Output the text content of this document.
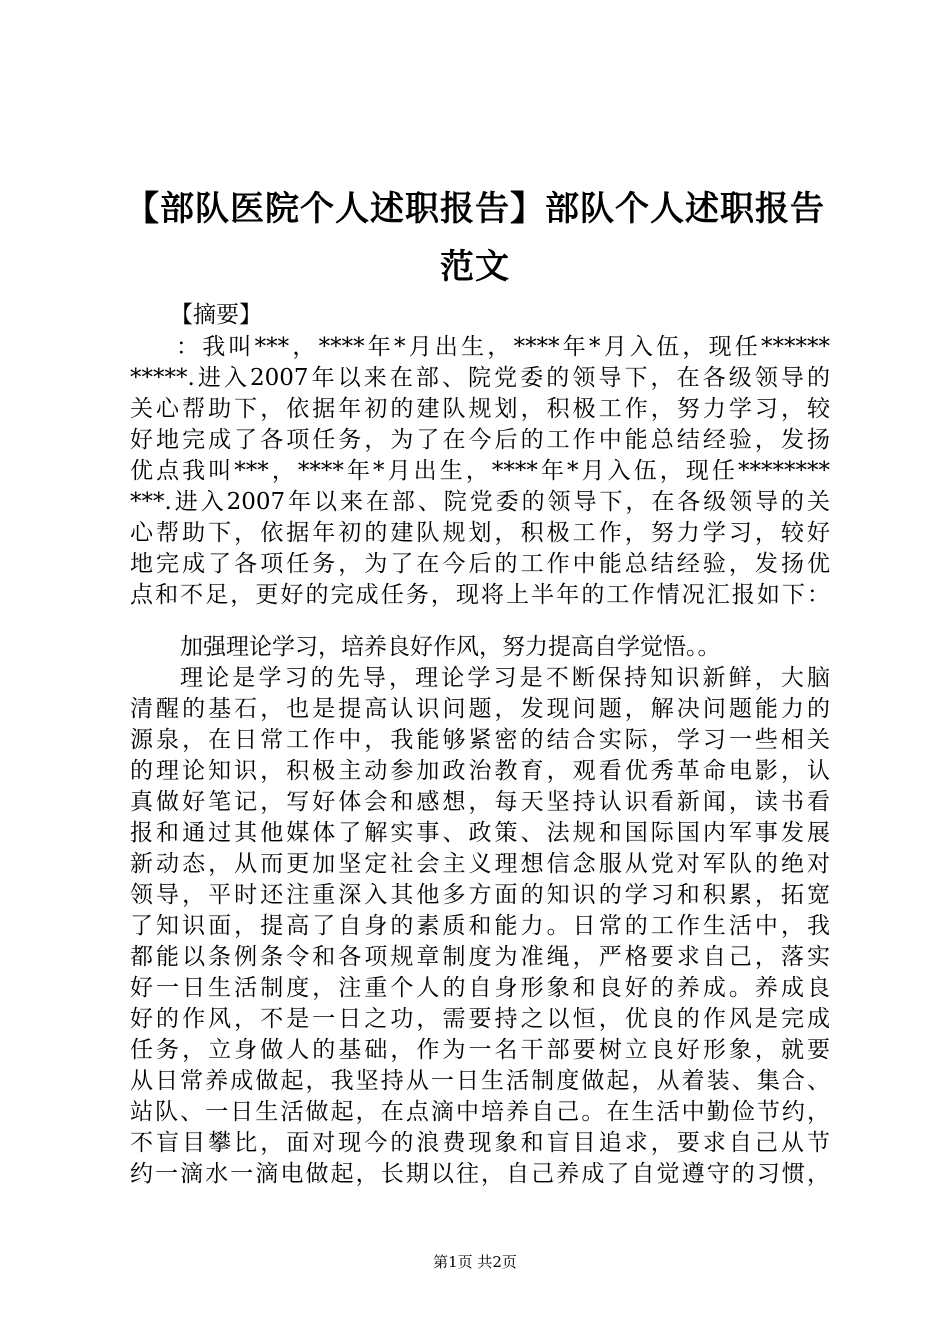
【部队医院个人述职报告】部队个人述职报告
范文
【摘要】
：我叫***，****年*月出生，****年*月入伍，现任******
*****.进入2007年以来在部、院党委的领导下，在各级领导的
关心帮助下，依据年初的建队规划，积极工作，努力学习，较
好地完成了各项任务，为了在今后的工作中能总结经验，发扬
优点我叫***，****年*月出生，****年*月入伍，现任********
***.进入2007年以来在部、院党委的领导下，在各级领导的关
心帮助下，依据年初的建队规划，积极工作，努力学习，较好
地完成了各项任务，为了在今后的工作中能总结经验，发扬优
点和不足，更好的完成任务，现将上半年的工作情况汇报如下：
加强理论学习，培养良好作风，努力提高自学觉悟。。
理论是学习的先导，理论学习是不断保持知识新鲜，大脑
清醒的基石，也是提高认识问题，发现问题，解决问题能力的
源泉，在日常工作中，我能够紧密的结合实际，学习一些相关
的理论知识，积极主动参加政治教育，观看优秀革命电影，认
真做好笔记，写好体会和感想，每天坚持认识看新闻，读书看
报和通过其他媒体了解实事、政策、法规和国际国内军事发展
新动态，从而更加坚定社会主义理想信念服从党对军队的绝对
领导，平时还注重深入其他多方面的知识的学习和积累，拓宽
了知识面，提高了自身的素质和能力。日常的工作生活中，我
都能以条例条令和各项规章制度为准绳，严格要求自己，落实
好一日生活制度，注重个人的自身形象和良好的养成。养成良
好的作风，不是一日之功，需要持之以恒，优良的作风是完成
任务，立身做人的基础，作为一名干部要树立良好形象，就要
从日常养成做起，我坚持从一日生活制度做起，从着装、集合、
站队、一日生活做起，在点滴中培养自己。在生活中勤俭节约，
不盲目攀比，面对现今的浪费现象和盲目追求，要求自己从节
约一滴水一滴电做起，长期以往，自己养成了自觉遵守的习惯，
第1页 共2页
